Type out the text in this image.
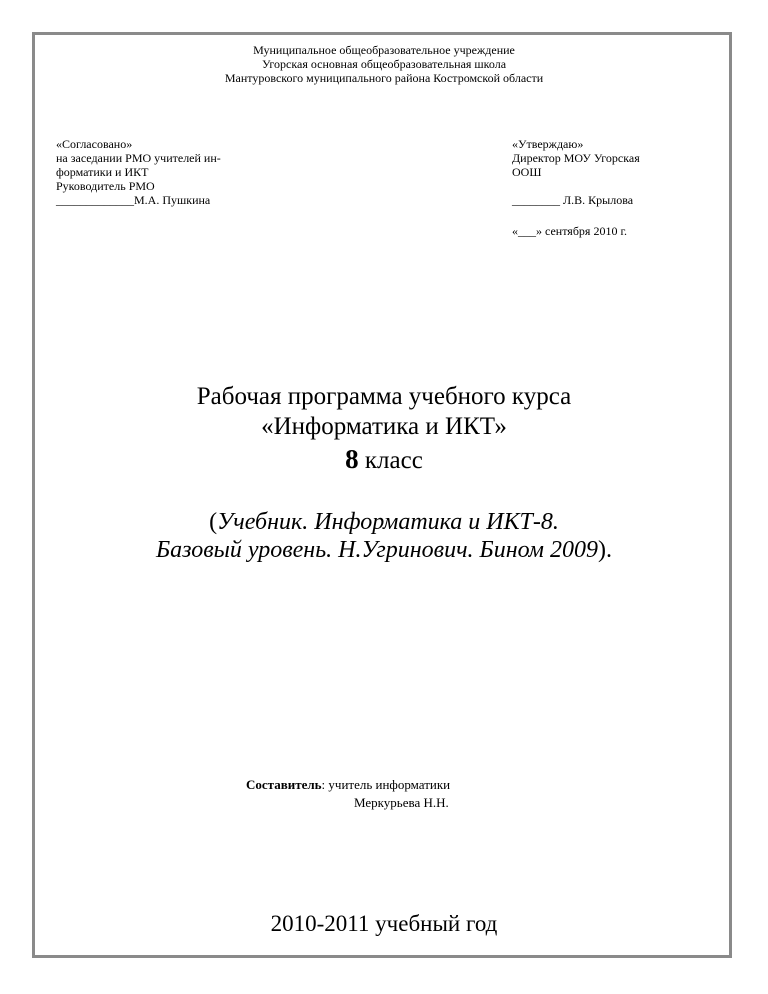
Муниципальное общеобразовательное учреждение
Угорская основная общеобразовательная школа
Мантуровского муниципального района Костромской области
«Согласовано»
на заседании РМО учителей ин-
форматики и ИКТ
Руководитель РМО
_____________М.А. Пушкина
«Утверждаю»
Директор МОУ Угорская
ООШ
________ Л.В. Крылова
«___» сентября 2010 г.
Рабочая программа учебного курса
«Информатика и ИКТ»
8 класс
(Учебник. Информатика и ИКТ-8.
Базовый уровень. Н.Угринович. Бином 2009).
Составитель: учитель информатики
Меркурьева Н.Н.
2010-2011 учебный год
